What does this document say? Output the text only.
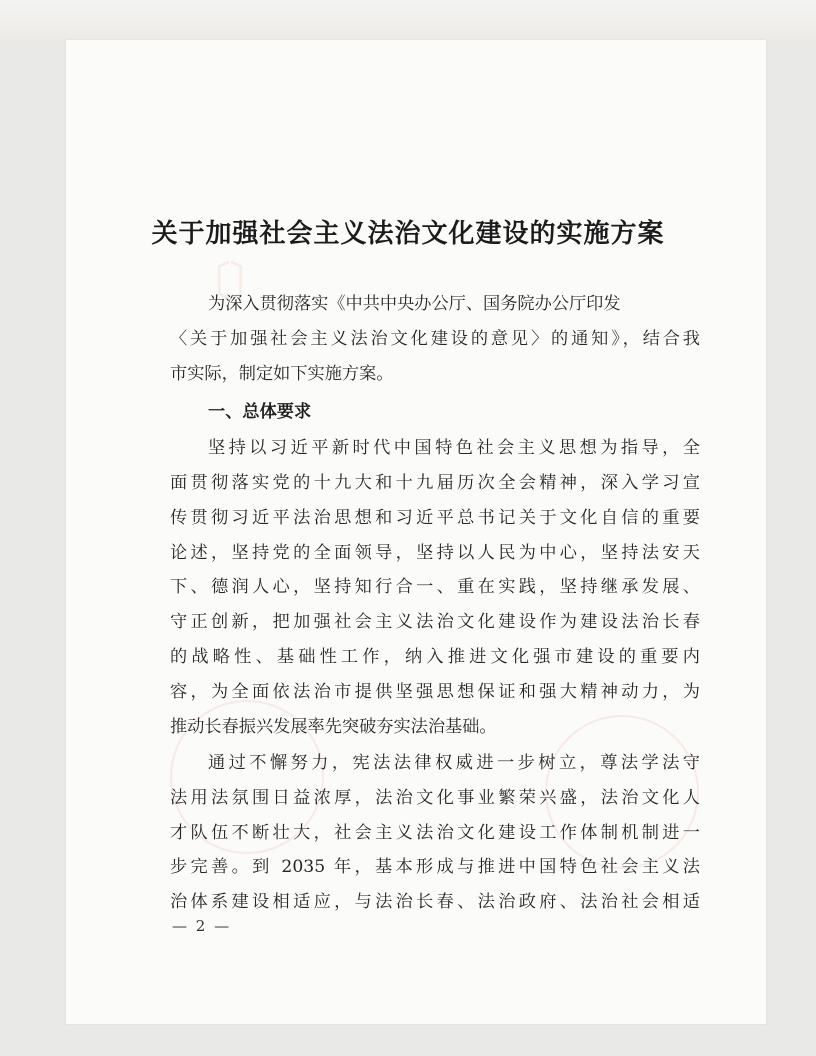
关于加强社会主义法治文化建设的实施方案
为深入贯彻落实《中共中央办公厅、国务院办公厅印发
〈关于加强社会主义法治文化建设的意见〉的通知》，结合我
市实际，制定如下实施方案。
一、总体要求
坚持以习近平新时代中国特色社会主义思想为指导，全
面贯彻落实党的十九大和十九届历次全会精神，深入学习宣
传贯彻习近平法治思想和习近平总书记关于文化自信的重要
论述，坚持党的全面领导，坚持以人民为中心，坚持法安天
下、德润人心，坚持知行合一、重在实践，坚持继承发展、
守正创新，把加强社会主义法治文化建设作为建设法治长春
的战略性、基础性工作，纳入推进文化强市建设的重要内
容，为全面依法治市提供坚强思想保证和强大精神动力，为
推动长春振兴发展率先突破夯实法治基础。
通过不懈努力，宪法法律权威进一步树立，尊法学法守
法用法氛围日益浓厚，法治文化事业繁荣兴盛，法治文化人
才队伍不断壮大，社会主义法治文化建设工作体制机制进一
步完善。到 2035 年，基本形成与推进中国特色社会主义法
治体系建设相适应，与法治长春、法治政府、法治社会相适
— 2 —
